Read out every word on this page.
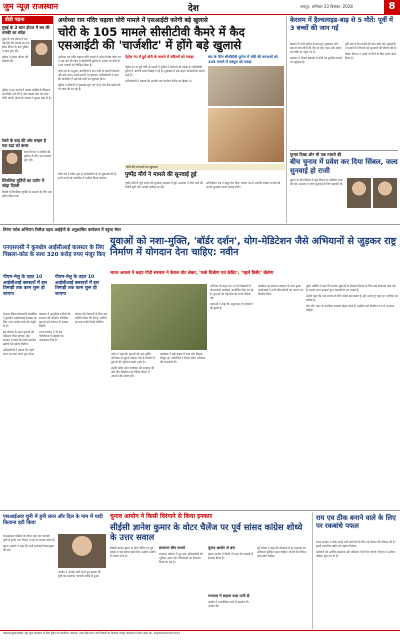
जुम न्यूज़ राजस्थान	देश	जयपुर, शनिवार 23 दिसंबर, 2028	8
डीडी पढ़ना
मुंबई के 3 स्टार होटल में बम की धमकी का संदेश

मुंबई के एक होटल में बम रखे होने की धमकी का एक ईमेल मिलने के बाद पुलिस ने जांच शुरू की।

पुलिस ने होटल परिसर की तलाशी ली।

पुलिस ने इस मामले में अज्ञात व्यक्ति के खिलाफ प्राथमिकी दर्ज की है और साइबर सेल को जांच सौंपी गई है। होटल के प्रबंधन ने सुरक्षा बढ़ा दी है।

रेलवे के बाद की ओर मरहम है एक रुद्रा को बाजा

रेलवे विभाग ने यात्रियों की सुविधा के लिए नई व्यवस्था शुरू की।

लिंगलिया मूर्तियों का प्रयोग में जोड़ा दिल्ली

दिल्ली में लिंगलिया मूर्तियों के संरक्षण के लिए नया प्रयोग जोड़ा गया।

अयोध्या राम मंदिर चढ़ावा चोरी मामले में एसआईटी करेगी बड़े खुलासे
चोरी के 105 मामले सीसीटीवी कैमरे में कैद एसआईटी की 'चार्जशीट' में होंगे बड़े खुलासे

अयोध्या राम मंदिर चढ़ावा चोरी मामले में गठित विशेष जांच दल ने अब तक की जांच में सीसीटीवी फुटेज के आधार पर चोरी के 105 मामलों को चिन्हित किया है।

जांच दल के अनुसार आरोपियों ने दान पात्रों से नकदी निकाली और इसे अलग-अलग स्थानों पर छुपाया। अधिकारियों ने कहा कि चार्जशीट में कई बड़े नामों का खुलासा होगा।

पुलिस ने संदिग्धों से पूछताछ शुरू कर दी है और बैंक खातों की भी जांच की जा रही है।

पेट्रोल पंप में हुई चोरी के मामले में संदिग्धों को पकड़ा

पेट्रोल पंप पर हुई चोरी के मामले में पुलिस ने संदिग्धों को पकड़ा है। सीसीटीवी फुटेज में आरोपी साफ दिखाई दे रहे हैं। पूछताछ में कई अहम जानकारियां सामने आई हैं।

अधिकारियों ने बताया कि आरोपी एक संगठित गिरोह का हिस्सा थे।

संघ के पैर्टन सीसीटीवी फुटेज में चोरी की घटनाओं को 105 मामले में एक्यूज को पकड़ा
चोरी की घटनाओं का खुलासा

जांच दल ने मंदिर ट्रस्ट के कर्मचारियों से भी पूछताछ की है। सभी तथ्यों को चार्जशीट में शामिल किया जाएगा।	पुष्पेंद्र मौर्य ने मामले की सुनवाई हुई

पुष्पेंद्र मौर्य से जुड़े मामले की सुनवाई अदालत में हुई। अदालत ने दोनों पक्षों की दलीलें सुनीं और अगली तारीख तय की।

अभियोजन पक्ष ने सबूत पेश किए। बचाव पक्ष ने आपत्ति जताई। मामले की अगली सुनवाई अगले सप्ताह होगी।

केरलम में हैल्थलाइड-बाढ़ से 5 मौतें: पूर्वी में 3 बच्चों की जान गई

केरलम में भारी बारिश के बाद हुए भूस्खलन और बाढ़ से पांच लोगों की मौत हो गई। राहत और बचाव दल मौके पर पहुंच गए हैं।

प्रशासन ने निचले इलाकों से लोगों को सुरक्षित स्थानों पर पहुंचाया है।

पूर्वी क्षेत्र में तीन बच्चों की जान चली गई। मुख्यमंत्री ने मृतकों के परिजनों को मुआवजे की घोषणा की है।

मौसम विभाग ने अगले दो दिनों के लिए अलर्ट जारी किया है।

चुनाव दिखा और भी एक मामले की
बीच चुनाव में प्रवेश कर दिया सिंबल, जल्द सुनवाई हो राजी

चुनाव के बीच सिंबल से जुड़े विवाद पर याचिका दायर की गई। अदालत ने जल्द सुनवाई के लिए सहमति दी।

तिरंगा ग्लोब अभियान रिलीज़ पहल आईईंगों के अनुशासित कार्यक्रम में पहुंचा चेयर
युवाओं को नशा-मुक्ति, 'बॉर्डर दर्शन', योग-मेडिटेशन जैसे अभियानों से जुड़कर राष्ट्र निर्माण में योगदान देना चाहिए: नवीन
भारत अवश्य ने कहाः गोदी सरकार ने केवल वोट लेकर, 'फर्क दिखेगा एवं क्रेडिट', 'पहले डिसेंट' खेलेगा
एनएसएसी ने कुरुक्षेत्र आईसीआई कलस्टर के लिए पिछला-कोड के साथ 320 करोड़ रुपए मंजूर किए
पीएम-मेलु के तहत 10 आईसीआई क्लस्टरों में इस तिमाही तक काम शुरू हो जाएगा
पीएम-मेलु के तहत 10 आईसीआई क्लस्टरों में इस तिमाही तक काम शुरू हो जाएगा

नेशनल स्किल डेवलपमेंट काउंसिल ने कुरुक्षेत्र आईसीआई कलस्टर के लिए 320 करोड़ रुपये की मंजूरी दी है।

इस योजना के तहत युवाओं को प्रशिक्षण दिया जाएगा। केंद्र सरकार ने कहा कि इससे स्थानीय उद्योगों को बढ़ावा मिलेगा।

अधिकारियों ने बताया कि पहले चरण का काम जल्द शुरू होगा।

कलस्टर में आधुनिक मशीनों की स्थापना की जाएगी। प्रशिक्षित युवाओं को रोजगार के अवसर मिलेंगे।

राज्य सरकार ने भी इस परियोजना में सहयोग का आश्वासन दिया है।

योजना की निगरानी के लिए एक समिति गठित की गई है। समिति हर माह प्रगति रिपोर्ट सौंपेगी।

नवीन ने कहा कि युवाओं को नशा मुक्ति अभियान से जुड़ना चाहिए। देश के निर्माण में युवाओं की भूमिका सबसे अहम है।

उन्होंने बॉर्डर दर्शन कार्यक्रम की सराहना की और योग-मेडिटेशन को दैनिक जीवन में अपनाने की अपील की।

कार्यक्रम में बड़ी संख्या में छात्र और शिक्षक मौजूद रहे। अतिथियों ने तिरंगा ग्लोब अभियान की जानकारी दी।

अभियान के तहत देश भर के विद्यालयों में जागरूकता कार्यक्रम आयोजित किए जा रहे हैं। युवाओं को राष्ट्र सेवा की शपथ दिलाई गई।

वक्ताओं ने कहा कि अनुशासन ही सफलता की कुंजी है।

कार्यक्रम का समापन राष्ट्रगान के साथ हुआ। आयोजकों ने सभी प्रतिभागियों को प्रमाण पत्र वितरित किए।

मुख्य अतिथि ने कहा कि सरकार युवाओं के कौशल विकास के लिए कई योजनाएं चला रही है। इनका लाभ उठाकर युवा आत्मनिर्भर बन सकते हैं।

उन्होंने कहा कि नशा समाज के लिए सबसे बड़ा खतरा है और इससे दूर रहना हर नागरिक का कर्तव्य है।

योग और ध्यान से मानसिक स्वास्थ्य बेहतर होता है, इसलिए इसे नियमित रूप से अपनाना चाहिए।

चुनाव आयोग ने किसी विरंगाने से किया इनकार
सीईसी ज्ञानेश कुमार के वोटर चैलेंज पर पूर्व सांसद कांग्रेस शोध्ये के उत्तर सवाल
एसआईआर चुनी में हुनी लाल और दिल के नाम में यादी किताना हटी किया

एसआईआर प्रक्रिया के दौरान कई नाम मतदाता सूची से हटाए गए। विपक्ष ने इस पर सवाल उठाए हैं।

चुनाव आयोग ने कहा कि सभी कार्रवाई नियमानुसार की गई।

आयोग ने आंकड़े जारी करते हुए बताया कि सूची का सत्यापन पारदर्शी तरीके से हुआ।

सीईसी ज्ञानेश कुमार के वोटर चैलेंज पर पूर्व सांसद ने कई सवाल खड़े किए। उन्होंने आयोग से जवाब मांगा है।

सत्यापन बीच मामले

सत्यापन प्रक्रिया में बूथ स्तर अधिकारियों की भूमिका अहम रही। शिकायतों का निपटारा किया जा रहा है।

चुनाव आयोग से बना

चुनाव आयोग ने किसी भी तरह की गड़बड़ी से इनकार किया है।

गणाराध में साहमा दरश पानी दी

आयोग ने राजनीतिक दलों से सहयोग की अपील की।

पूर्व सांसद ने कहा कि लोकतंत्र में हर मतदाता का अधिकार सुरक्षित रहना चाहिए। मामले की निष्पक्ष जांच होनी चाहिए।

राय एव ठीक बनाने वाले के लिए पर रकबांधे पफल

राज्य सरकार ने ठीक बनाने वाले कारीगरों के लिए नई योजना की घोषणा की है। इससे पारंपरिक उद्योग को बढ़ावा मिलेगा।

कारीगरों को आर्थिक सहायता और प्रशिक्षण दोनों दिए जाएंगे। विभाग ने आवेदन प्रक्रिया शुरू कर दी है।

प्रकाशक/मुद्रक/स्वामी: जुम न्यूज़ राजस्थान के लिए मुद्रित एवं प्रकाशित। संपादक: उत्तम सिंह राणा। सभी विवादों का निपटारा जयपुर न्यायालय में होगा। RNI No. RAJHIN/2020/XXXXX
